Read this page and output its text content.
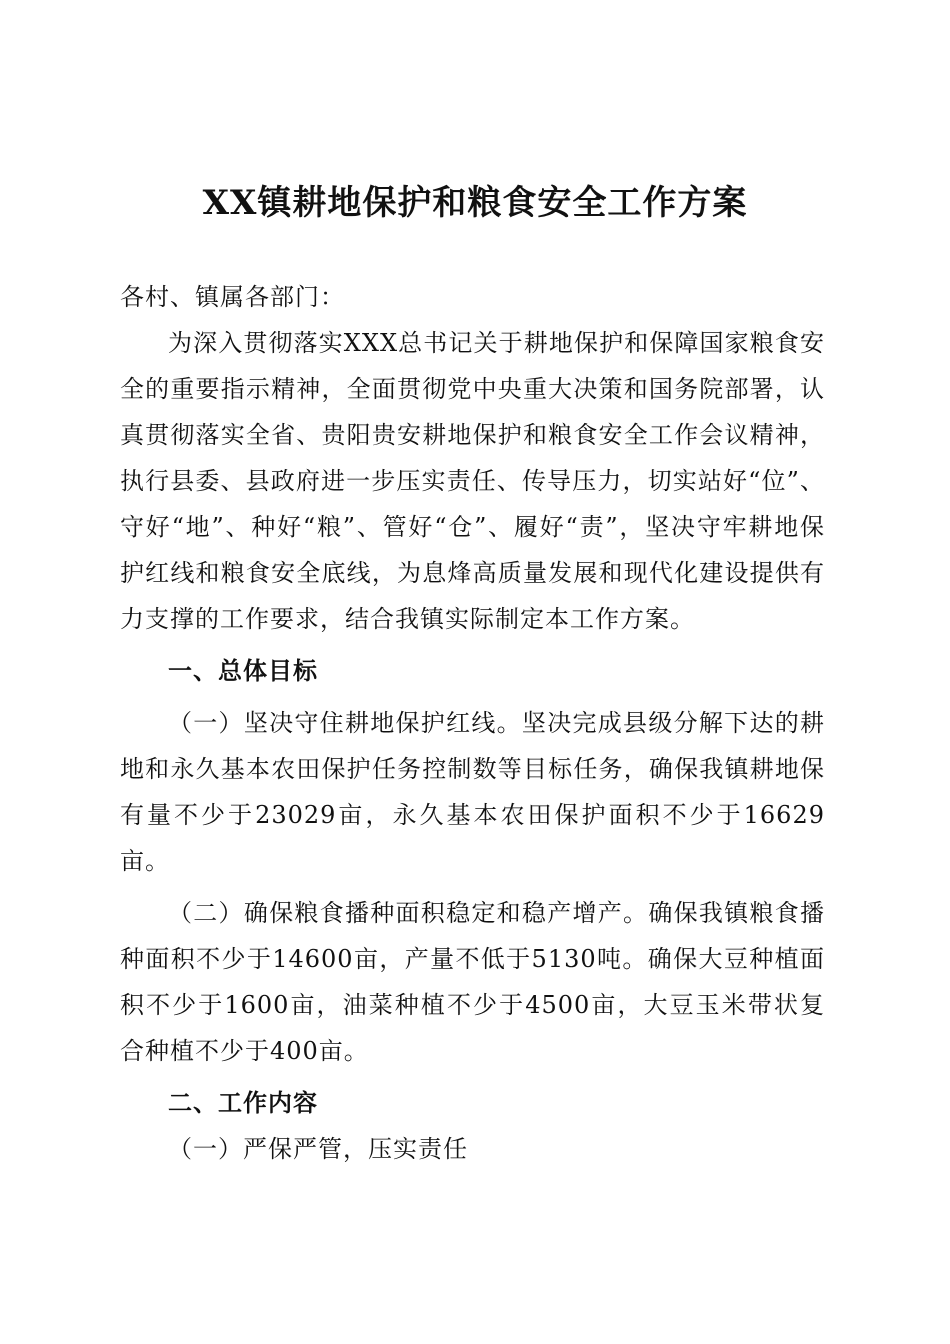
XX镇耕地保护和粮食安全工作方案

各村、镇属各部门：

为深入贯彻落实XXX总书记关于耕地保护和保障国家粮食安全的重要指示精神，全面贯彻党中央重大决策和国务院部署，认真贯彻落实全省、贵阳贵安耕地保护和粮食安全工作会议精神，执行县委、县政府进一步压实责任、传导压力，切实站好“位”、守好“地”、种好“粮”、管好“仓”、履好“责”，坚决守牢耕地保护红线和粮食安全底线，为息烽高质量发展和现代化建设提供有力支撑的工作要求，结合我镇实际制定本工作方案。

一、总体目标

（一）坚决守住耕地保护红线。坚决完成县级分解下达的耕地和永久基本农田保护任务控制数等目标任务，确保我镇耕地保有量不少于23029亩，永久基本农田保护面积不少于16629亩。

（二）确保粮食播种面积稳定和稳产增产。确保我镇粮食播种面积不少于14600亩，产量不低于5130吨。确保大豆种植面积不少于1600亩，油菜种植不少于4500亩，大豆玉米带状复合种植不少于400亩。

二、工作内容

（一）严保严管，压实责任
